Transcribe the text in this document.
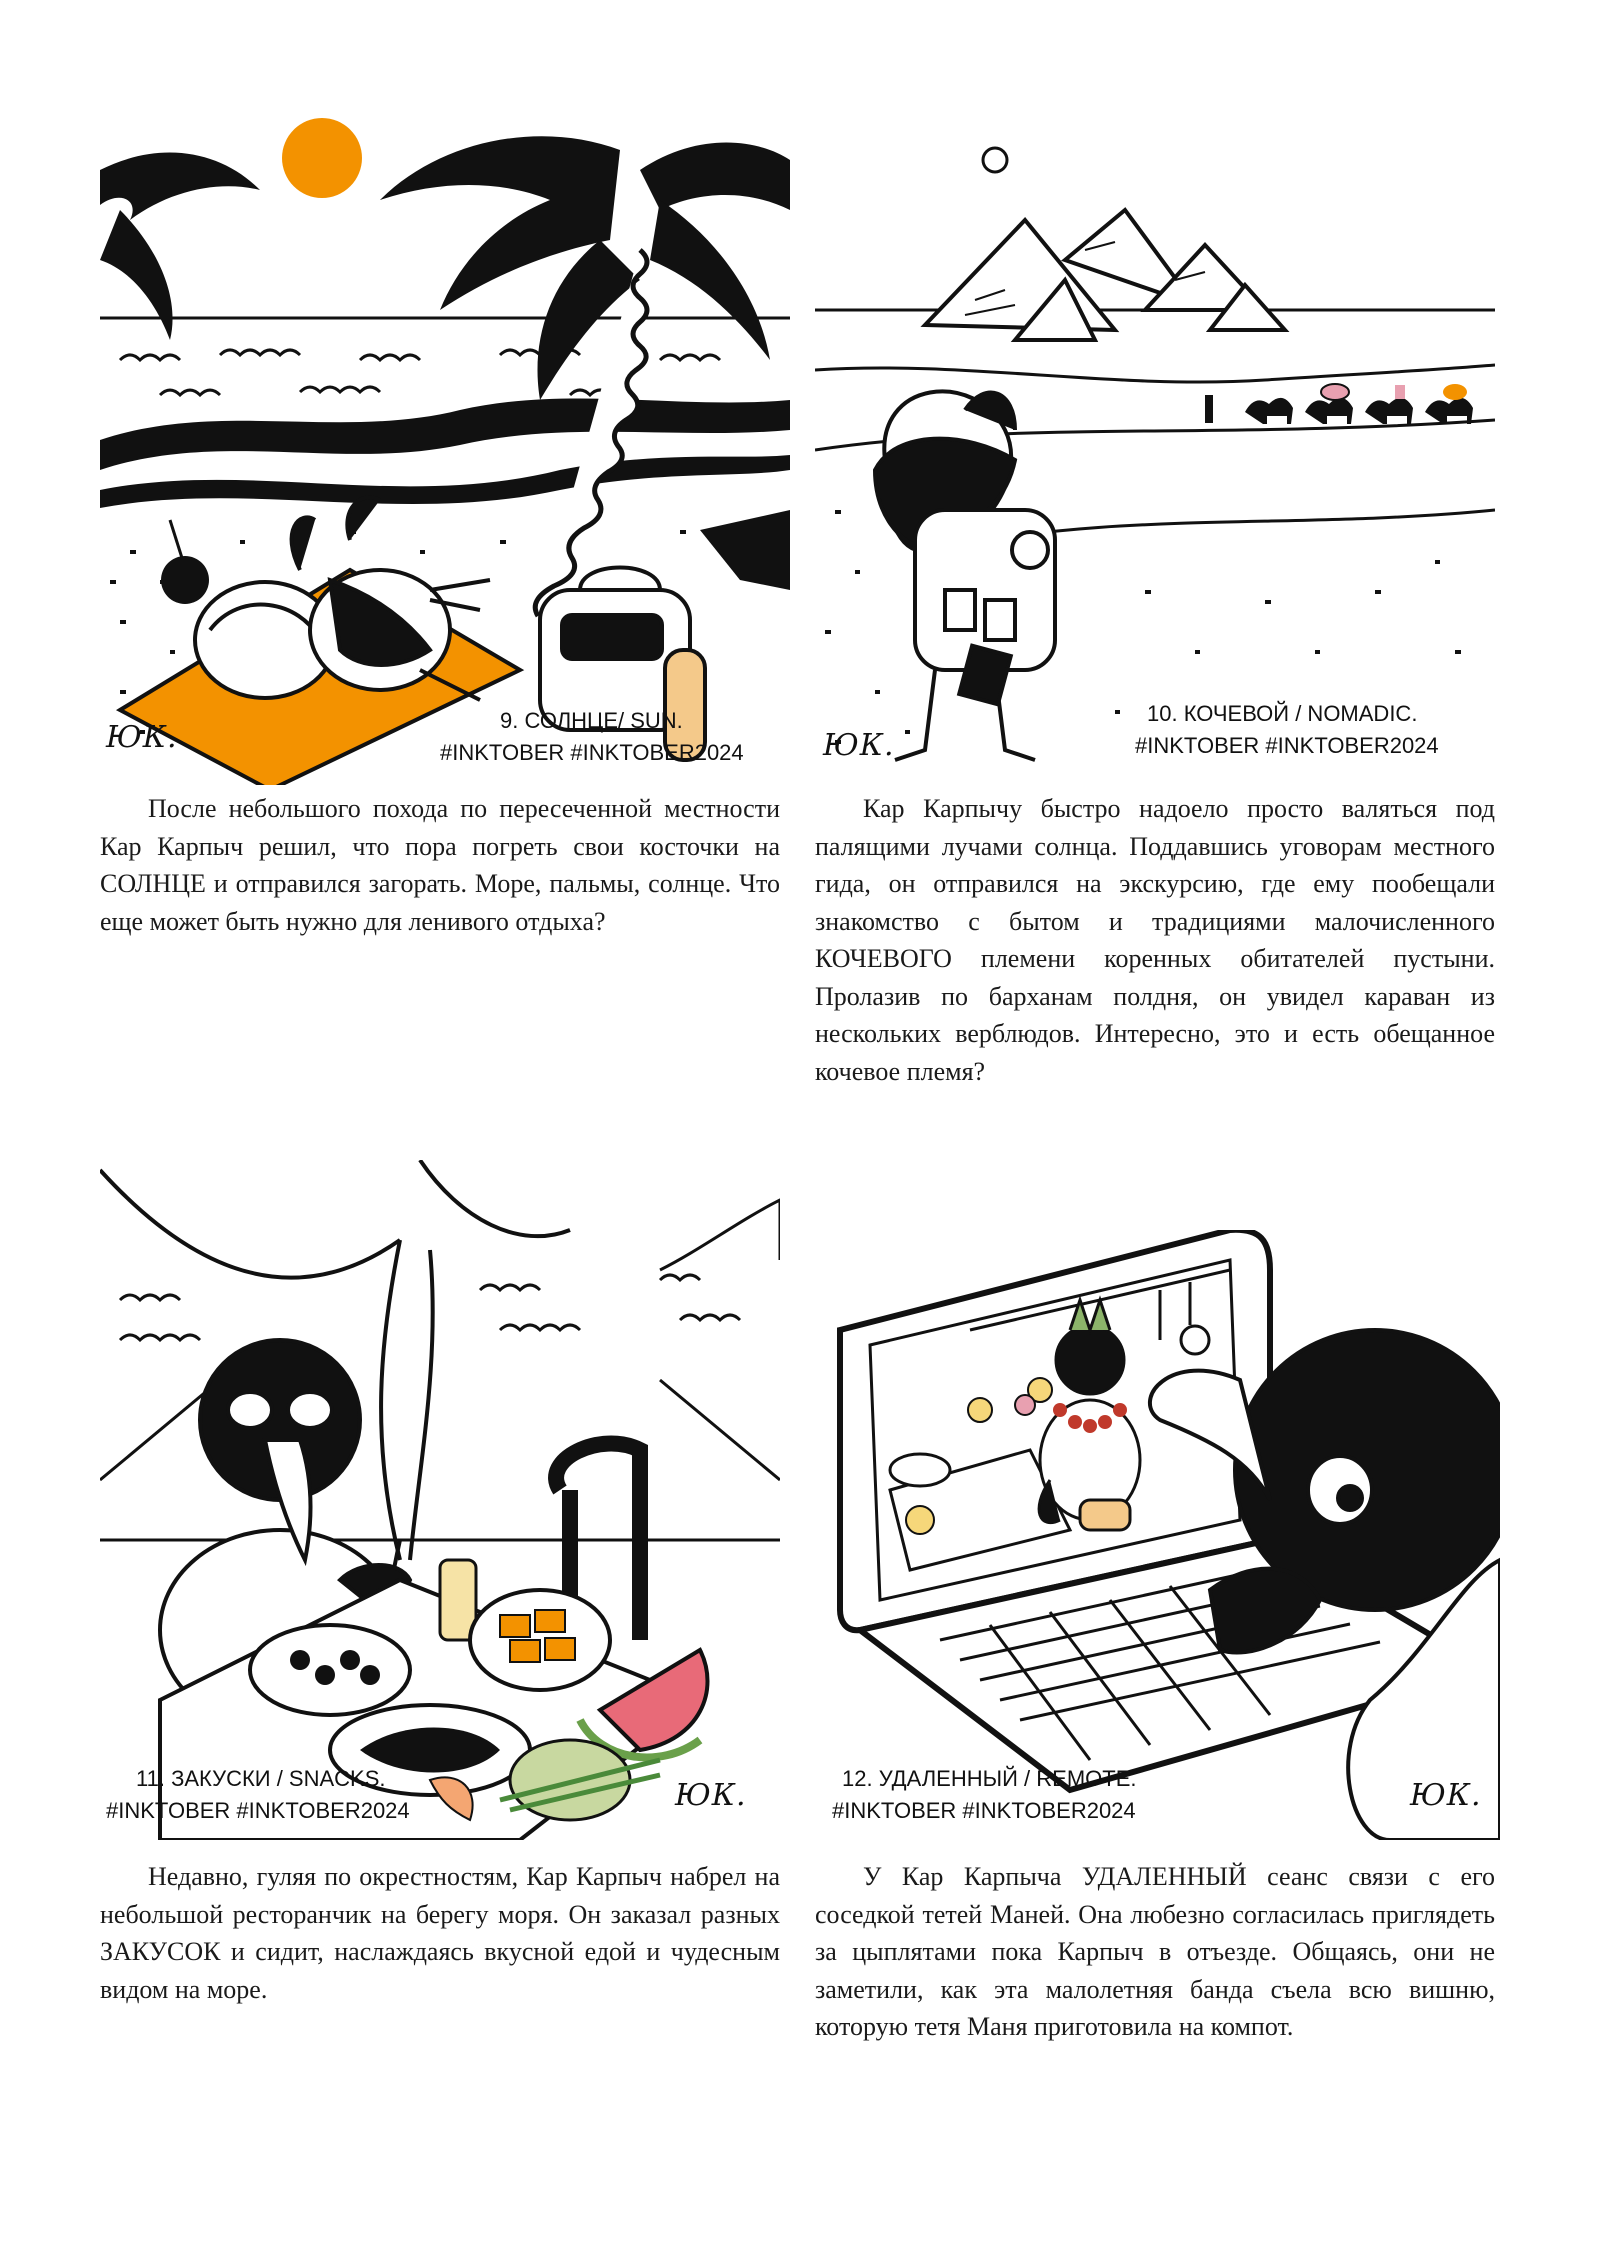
ЮК.	9. СОЛНЦЕ/ SUN.
#INKTOBER #INKTOBER2024	ЮК.
10. КОЧЕВОЙ / NOMADIC.
#INKTOBER #INKTOBER2024
После небольшого похода по пересеченной местности Кар Карпыч решил, что пора погреть свои косточки на СОЛНЦЕ и отправился загорать. Море, пальмы, солнце. Что еще может быть нужно для ленивого отдыха?
Кар Карпычу быстро надоело просто валяться под палящими лучами солнца. Поддавшись уговорам местного гида, он отправился на экскурсию, где ему пообещали знакомство с бытом и традициями малочисленного КОЧЕВОГО племени коренных обитателей пустыни. Пролазив по барханам полдня, он увидел караван из нескольких верблюдов. Интересно, это и есть обещанное кочевое племя?
11. ЗАКУСКИ / SNACKS.
#INKTOBER #INKTOBER2024	ЮК.	12. УДАЛЕННЫЙ / REMOTE.
#INKTOBER #INKTOBER2024	ЮК.
Недавно, гуляя по окрестностям, Кар Карпыч набрел на небольшой ресторанчик на берегу моря. Он заказал разных ЗАКУСОК и сидит, наслаждаясь вкусной едой и чудесным видом на море.
У Кар Карпыча УДАЛЕННЫЙ сеанс связи с его соседкой тетей Маней. Она любезно согласилась приглядеть за цыплятами пока Карпыч в отъезде. Общаясь, они не заметили, как эта малолетняя банда съела всю вишню, которую тетя Маня приготовила на компот.
